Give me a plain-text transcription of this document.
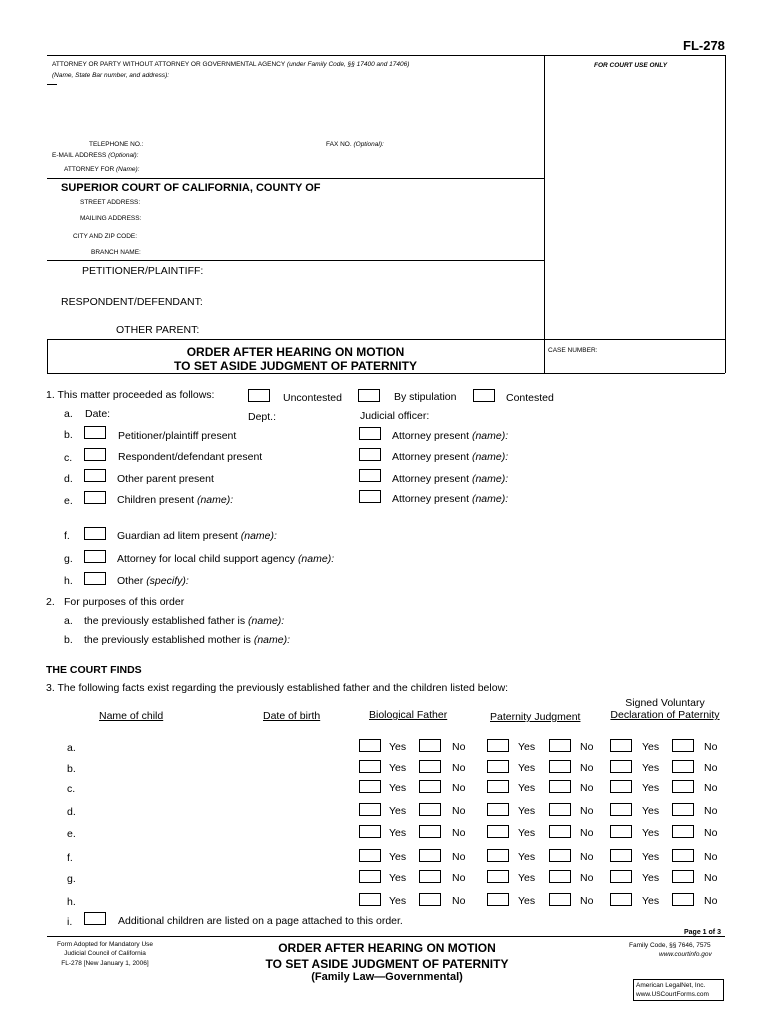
FL-278
ATTORNEY OR PARTY WITHOUT ATTORNEY OR GOVERNMENTAL AGENCY (under Family Code, §§ 17400 and 17406)
(Name, State Bar number, and address):
FOR COURT USE ONLY
TELEPHONE NO.:	FAX NO. (Optional):
E-MAIL ADDRESS (Optional):
ATTORNEY FOR (Name):
SUPERIOR COURT OF CALIFORNIA, COUNTY OF
STREET ADDRESS:
MAILING ADDRESS:
CITY AND ZIP CODE:
BRANCH NAME:
PETITIONER/PLAINTIFF:
RESPONDENT/DEFENDANT:
OTHER PARENT:
ORDER AFTER HEARING ON MOTION
TO SET ASIDE JUDGMENT OF PATERNITY
CASE NUMBER:
1. This matter proceeded as follows:	Uncontested	By stipulation	Contested
a. Date:	Dept.:	Judicial officer:
b.	Petitioner/plaintiff present	Attorney present (name):
c.	Respondent/defendant present	Attorney present (name):
d.	Other parent present	Attorney present (name):
e.	Children present (name):	Attorney present (name):
f.	Guardian ad litem present (name):
g.	Attorney for local child support agency (name):
h.	Other (specify):
2. For purposes of this order
a. the previously established father is (name):
b. the previously established mother is (name):
THE COURT FINDS
3. The following facts exist regarding the previously established father and the children listed below:
Name of child	Date of birth	Biological Father	Paternity Judgment
Signed Voluntary
Declaration of Paternity
a.	Yes	No	Yes	No	Yes	No
b.	Yes	No	Yes	No	Yes	No
c.	Yes	No	Yes	No	Yes	No
d.	Yes	No	Yes	No	Yes	No
e.	Yes	No	Yes	No	Yes	No
f.	Yes	No	Yes	No	Yes	No
g.	Yes	No	Yes	No	Yes	No
h.	Yes	No	Yes	No	Yes	No
i.	Additional children are listed on a page attached to this order.
Page 1 of 3
Form Adopted for Mandatory Use
Judicial Council of California
FL-278 [New January 1, 2006]
ORDER AFTER HEARING ON MOTION
TO SET ASIDE JUDGMENT OF PATERNITY
(Family Law—Governmental)
Family Code, §§ 7646, 7575
www.courtinfo.gov
American LegalNet, Inc.
www.USCourtForms.com
